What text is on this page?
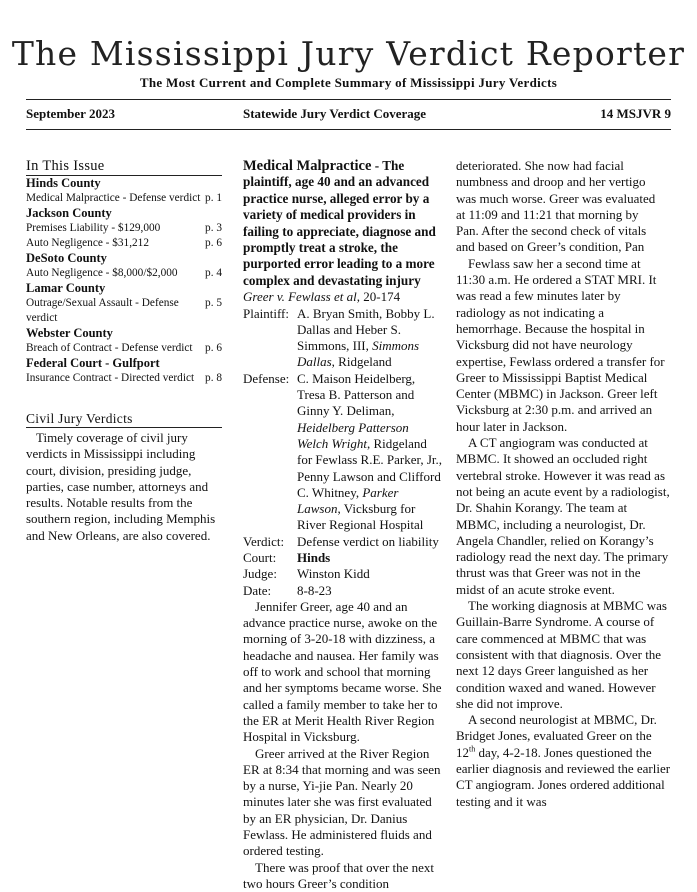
The Mississippi Jury Verdict Reporter
The Most Current and Complete Summary of Mississippi Jury Verdicts
September 2023	Statewide Jury Verdict Coverage	14 MSJVR 9
In This Issue
Hinds County
Medical Malpractice - Defense verdict p. 1
Jackson County
Premises Liability - $129,000	p. 3
Auto Negligence - $31,212	p. 6
DeSoto County
Auto Negligence - $8,000/$2,000	p. 4
Lamar County
Outrage/Sexual Assault - Defense verdict
p. 5
Webster County
Breach of Contract - Defense verdict	p. 6
Federal Court - Gulfport
Insurance Contract - Directed verdict p. 8
Civil Jury Verdicts

Timely coverage of civil jury verdicts in Mississippi including court, division, presiding judge, parties, case number, attorneys and results. Notable results from the southern region, including Memphis and New Orleans, are also covered.

Medical Malpractice - The plaintiff, age 40 and an advanced practice nurse, alleged error by a variety of medical providers in failing to appreciate, diagnose and promptly treat a stroke, the purported error leading to a more complex and devastating injury
Greer v. Fewlass et al, 20-174
Plaintiff: A. Bryan Smith, Bobby L. Dallas and Heber S. Simmons, III, Simmons Dallas, Ridgeland
Defense: C. Maison Heidelberg, Tresa B. Patterson and Ginny Y. Deliman, Heidelberg Patterson Welch Wright, Ridgeland for Fewlass R.E. Parker, Jr., Penny Lawson and Clifford C. Whitney, Parker Lawson, Vicksburg for River Regional Hospital
Verdict: Defense verdict on liability
Court:	Hinds
Judge:	Winston Kidd
Date:	8-8-23

Jennifer Greer, age 40 and an advance practice nurse, awoke on the morning of 3-20-18 with dizziness, a headache and nausea. Her family was off to work and school that morning and her symptoms became worse. She called a family member to take her to the ER at Merit Health River Region Hospital in Vicksburg.

Greer arrived at the River Region ER at 8:34 that morning and was seen by a nurse, Yi-jie Pan. Nearly 20 minutes later she was first evaluated by an ER physician, Dr. Danius Fewlass. He administered fluids and ordered testing.

There was proof that over the next two hours Greer’s condition

deteriorated. She now had facial numbness and droop and her vertigo was much worse. Greer was evaluated at 11:09 and 11:21 that morning by Pan. After the second check of vitals and based on Greer’s condition, Pan

Fewlass saw her a second time at 11:30 a.m. He ordered a STAT MRI. It was read a few minutes later by radiology as not indicating a hemorrhage. Because the hospital in Vicksburg did not have neurology expertise, Fewlass ordered a transfer for Greer to Mississippi Baptist Medical Center (MBMC) in Jackson. Greer left Vicksburg at 2:30 p.m. and arrived an hour later in Jackson.

A CT angiogram was conducted at MBMC. It showed an occluded right vertebral stroke. However it was read as not being an acute event by a radiologist, Dr. Shahin Korangy. The team at MBMC, including a neurologist, Dr. Angela Chandler, relied on Korangy’s radiology read the next day. The primary thrust was that Greer was not in the midst of an acute stroke event.

The working diagnosis at MBMC was Guillain-Barre Syndrome. A course of care commenced at MBMC that was consistent with that diagnosis. Over the next 12 days Greer languished as her condition waxed and waned. However she did not improve.

A second neurologist at MBMC, Dr. Bridget Jones, evaluated Greer on the 12th day, 4-2-18. Jones questioned the earlier diagnosis and reviewed the earlier CT angiogram. Jones ordered additional testing and it was
